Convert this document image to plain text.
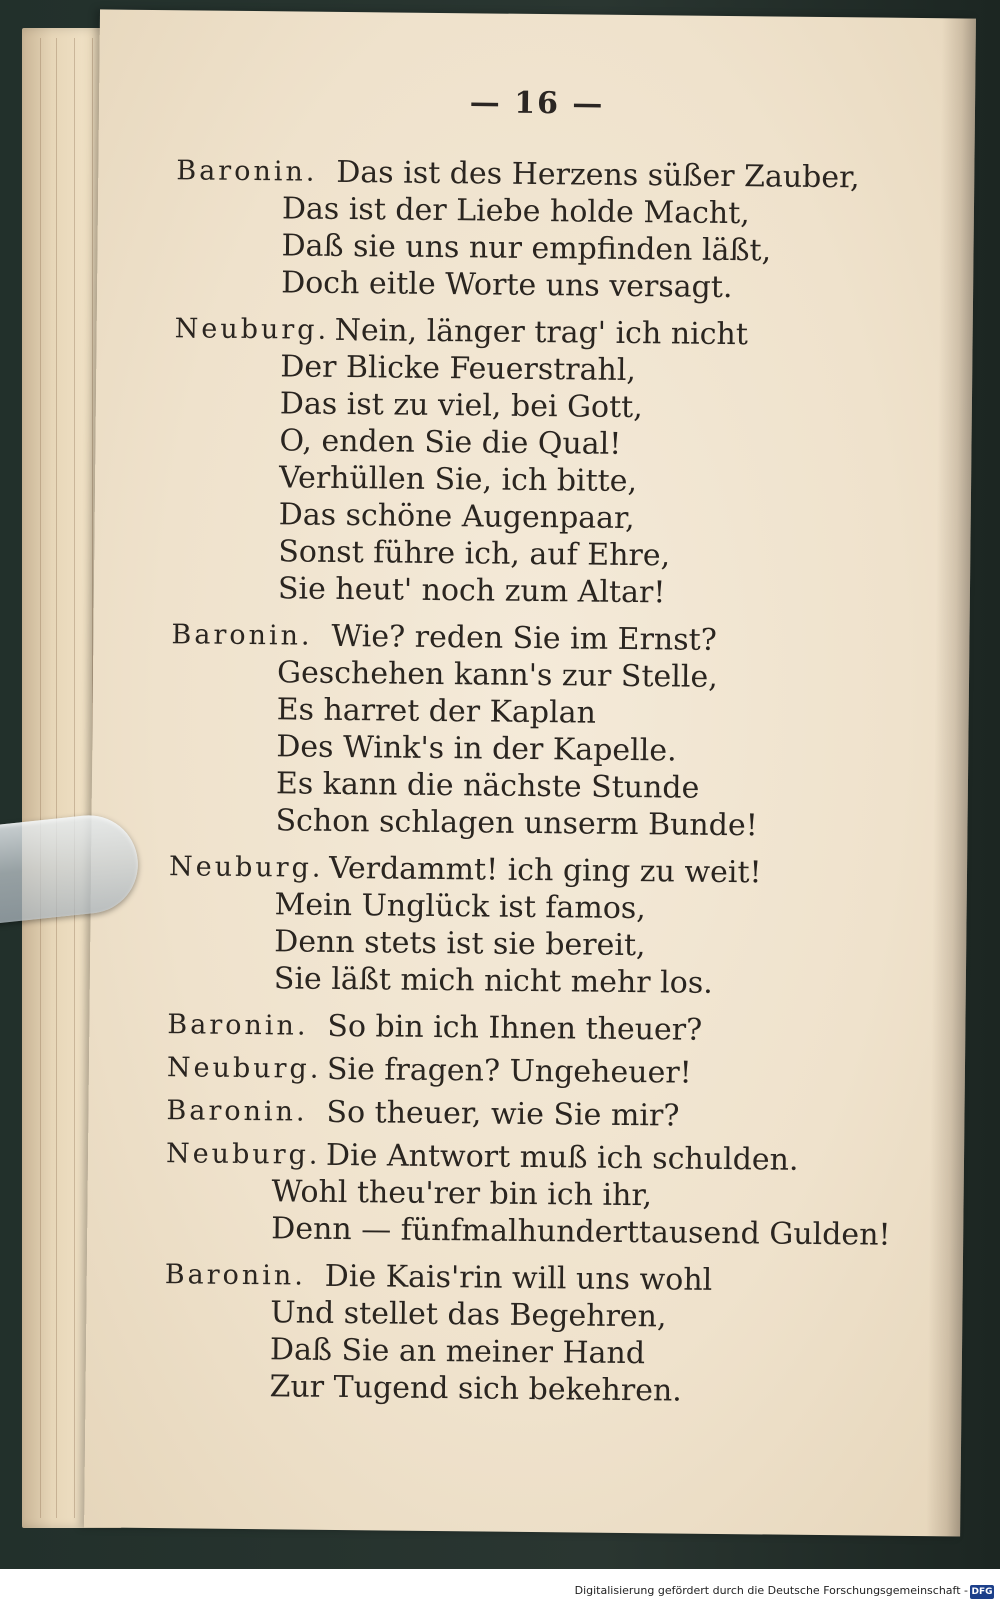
— 16 —
Baronin. Das ist des Herzens süßer Zauber,
Das ist der Liebe holde Macht,
Daß sie uns nur empfinden läßt,
Doch eitle Worte uns versagt.
Neuburg. Nein, länger trag' ich nicht
Der Blicke Feuerstrahl,
Das ist zu viel, bei Gott,
O, enden Sie die Qual!
Verhüllen Sie, ich bitte,
Das schöne Augenpaar,
Sonst führe ich, auf Ehre,
Sie heut' noch zum Altar!
Baronin. Wie? reden Sie im Ernst?
Geschehen kann's zur Stelle,
Es harret der Kaplan
Des Wink's in der Kapelle.
Es kann die nächste Stunde
Schon schlagen unserm Bunde!
Neuburg. Verdammt! ich ging zu weit!
Mein Unglück ist famos,
Denn stets ist sie bereit,
Sie läßt mich nicht mehr los.
Baronin. So bin ich Ihnen theuer?
Neuburg. Sie fragen? Ungeheuer!
Baronin. So theuer, wie Sie mir?
Neuburg. Die Antwort muß ich schulden.
Wohl theu'rer bin ich ihr,
Denn — fünfmalhunderttausend Gulden!
Baronin. Die Kais'rin will uns wohl
Und stellet das Begehren,
Daß Sie an meiner Hand
Zur Tugend sich bekehren.
Digitalisierung gefördert durch die Deutsche Forschungsgemeinschaft - DFG
